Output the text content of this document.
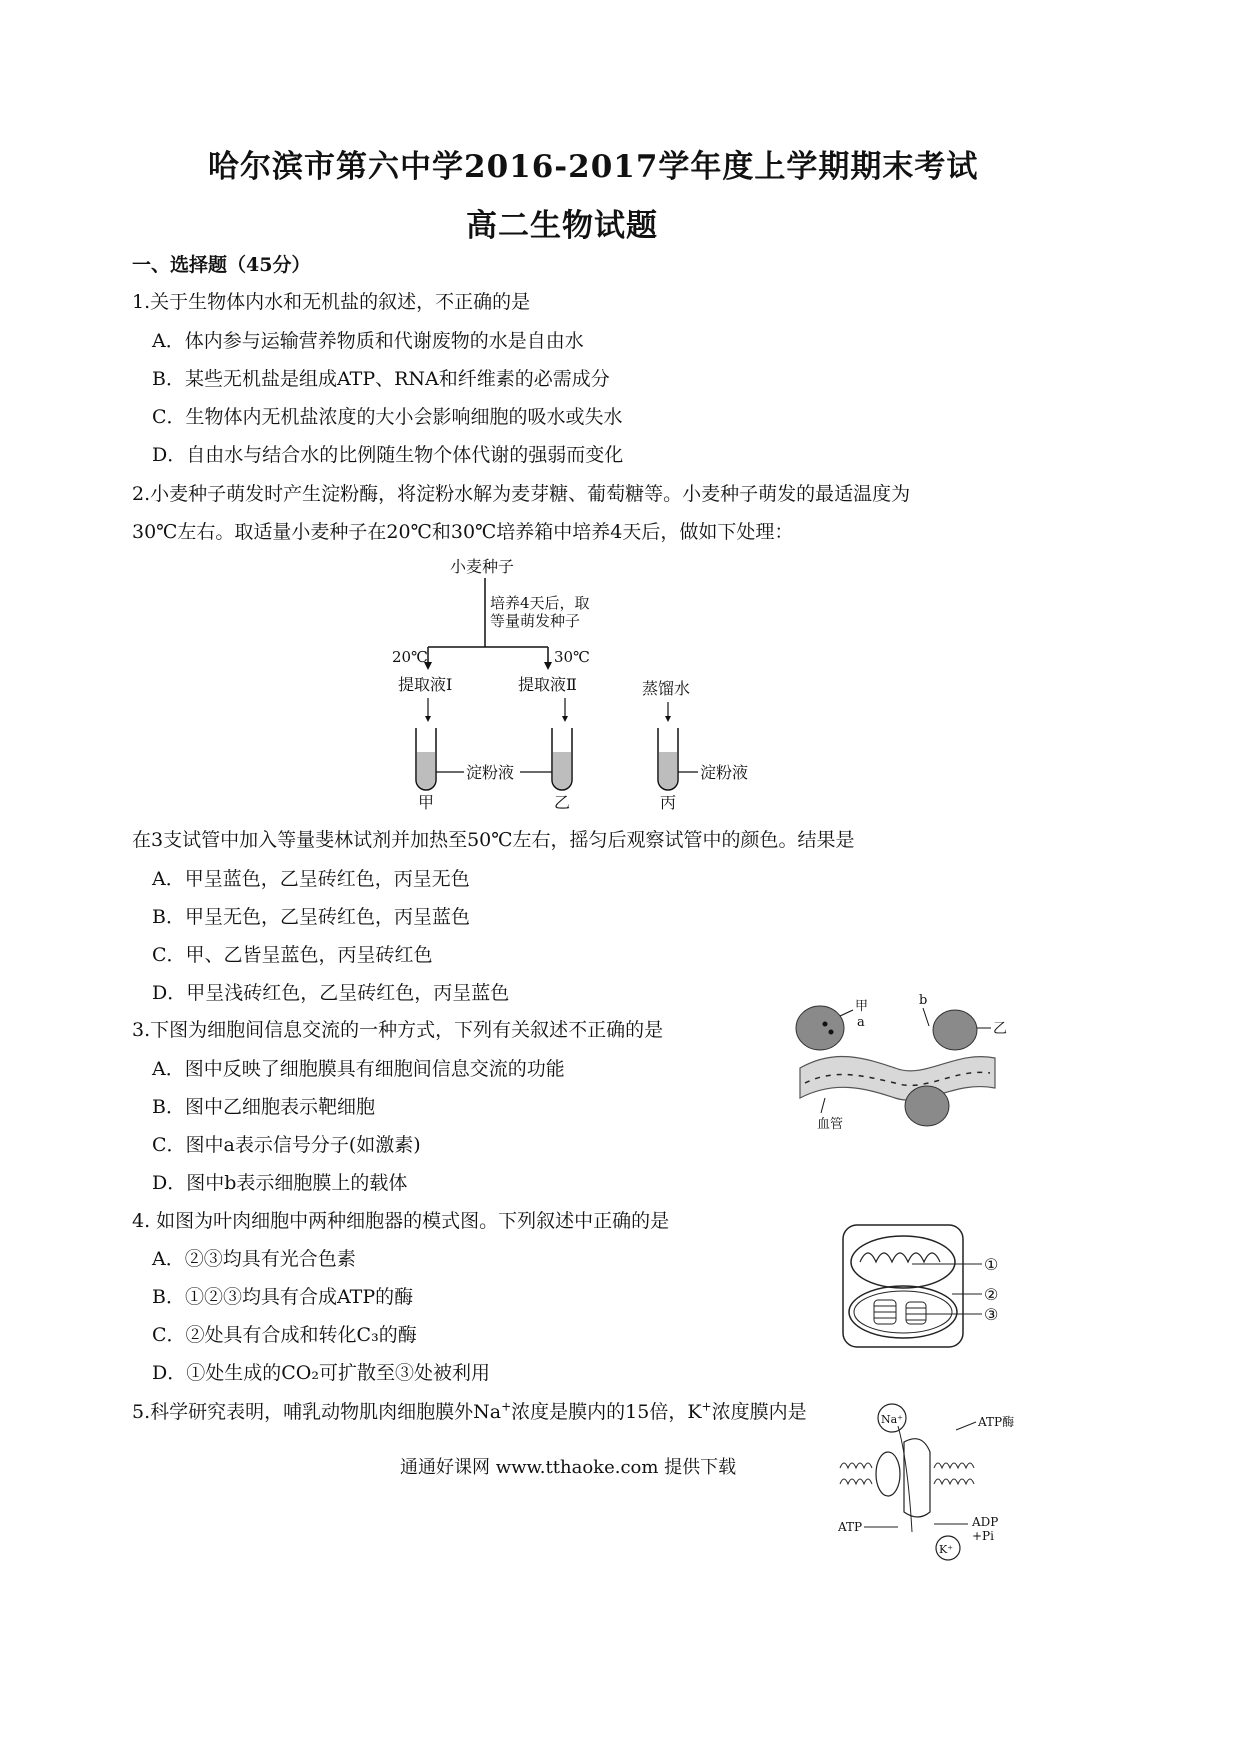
哈尔滨市第六中学2016-2017学年度上学期期末考试
高二生物试题
一、选择题（45分）
1.关于生物体内水和无机盐的叙述，不正确的是
A．体内参与运输营养物质和代谢废物的水是自由水
B．某些无机盐是组成ATP、RNA和纤维素的必需成分
C．生物体内无机盐浓度的大小会影响细胞的吸水或失水
D．自由水与结合水的比例随生物个体代谢的强弱而变化
2.小麦种子萌发时产生淀粉酶，将淀粉水解为麦芽糖、葡萄糖等。小麦种子萌发的最适温度为
30℃左右。取适量小麦种子在20℃和30℃培养箱中培养4天后，做如下处理：
小麦种子
培养4天后，取
等量萌发种子
20℃	30℃
提取液Ⅰ	提取液Ⅱ	蒸馏水
淀粉液	淀粉液
甲	乙	丙
在3支试管中加入等量斐林试剂并加热至50℃左右，摇匀后观察试管中的颜色。结果是
A．甲呈蓝色，乙呈砖红色，丙呈无色
B．甲呈无色，乙呈砖红色，丙呈蓝色
C．甲、乙皆呈蓝色，丙呈砖红色
D．甲呈浅砖红色，乙呈砖红色，丙呈蓝色
3.下图为细胞间信息交流的一种方式，下列有关叙述不正确的是
A．图中反映了细胞膜具有细胞间信息交流的功能
B．图中乙细胞表示靶细胞
C．图中a表示信号分子(如激素)
D．图中b表示细胞膜上的载体
甲
a
b
乙
血管
4. 如图为叶肉细胞中两种细胞器的模式图。下列叙述中正确的是
A．②③均具有光合色素
B．①②③均具有合成ATP的酶
C．②处具有合成和转化C₃的酶
D．①处生成的CO₂可扩散至③处被利用
①
②
③
5.科学研究表明，哺乳动物肌肉细胞膜外Na+浓度是膜内的15倍，K+浓度膜内是	Na⁺	ATP酶
ATP	ADP
+Pi
K⁺
通通好课网 www.tthaoke.com 提供下载
